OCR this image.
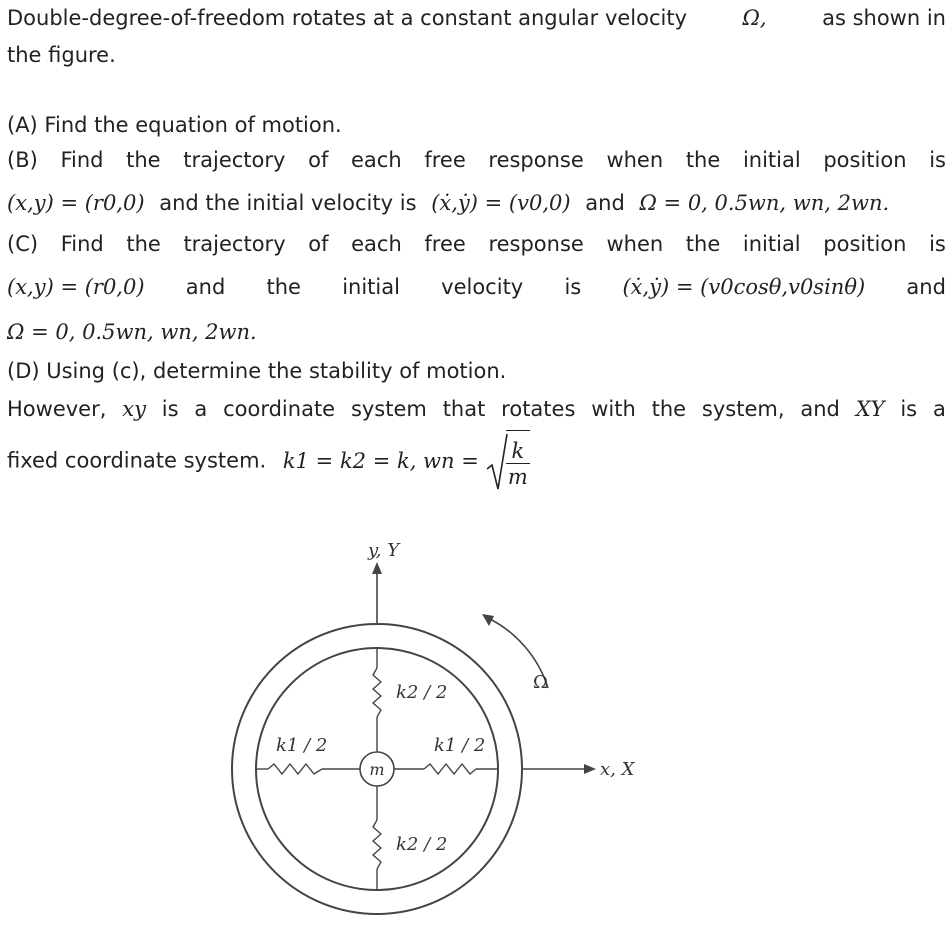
Double-degree-of-freedom rotates at a constant angular velocity	Ω,	as shown in
the figure.
(A) Find the equation of motion.
(B) Find the trajectory of each free response when the initial position is
(x,y) = (r0,0) and the initial velocity is (ẋ,ẏ) = (v0,0) and Ω = 0, 0.5wn, wn, 2wn.
(C) Find the trajectory of each free response when the initial position is
(x,y) = (r0,0) and the initial velocity is (ẋ,ẏ) = (v0cosθ,v0sinθ) and
Ω = 0, 0.5wn, wn, 2wn.
(D) Using (c), determine the stability of motion.
However, xy is a coordinate system that rotates with the system, and XY is a
fixed coordinate system. k1 = k2 = k, wn = $\frac{k}{m}$
y, Y
x, X
Ω
k2 / 2
k2 / 2
k1 / 2	k1 / 2
m
